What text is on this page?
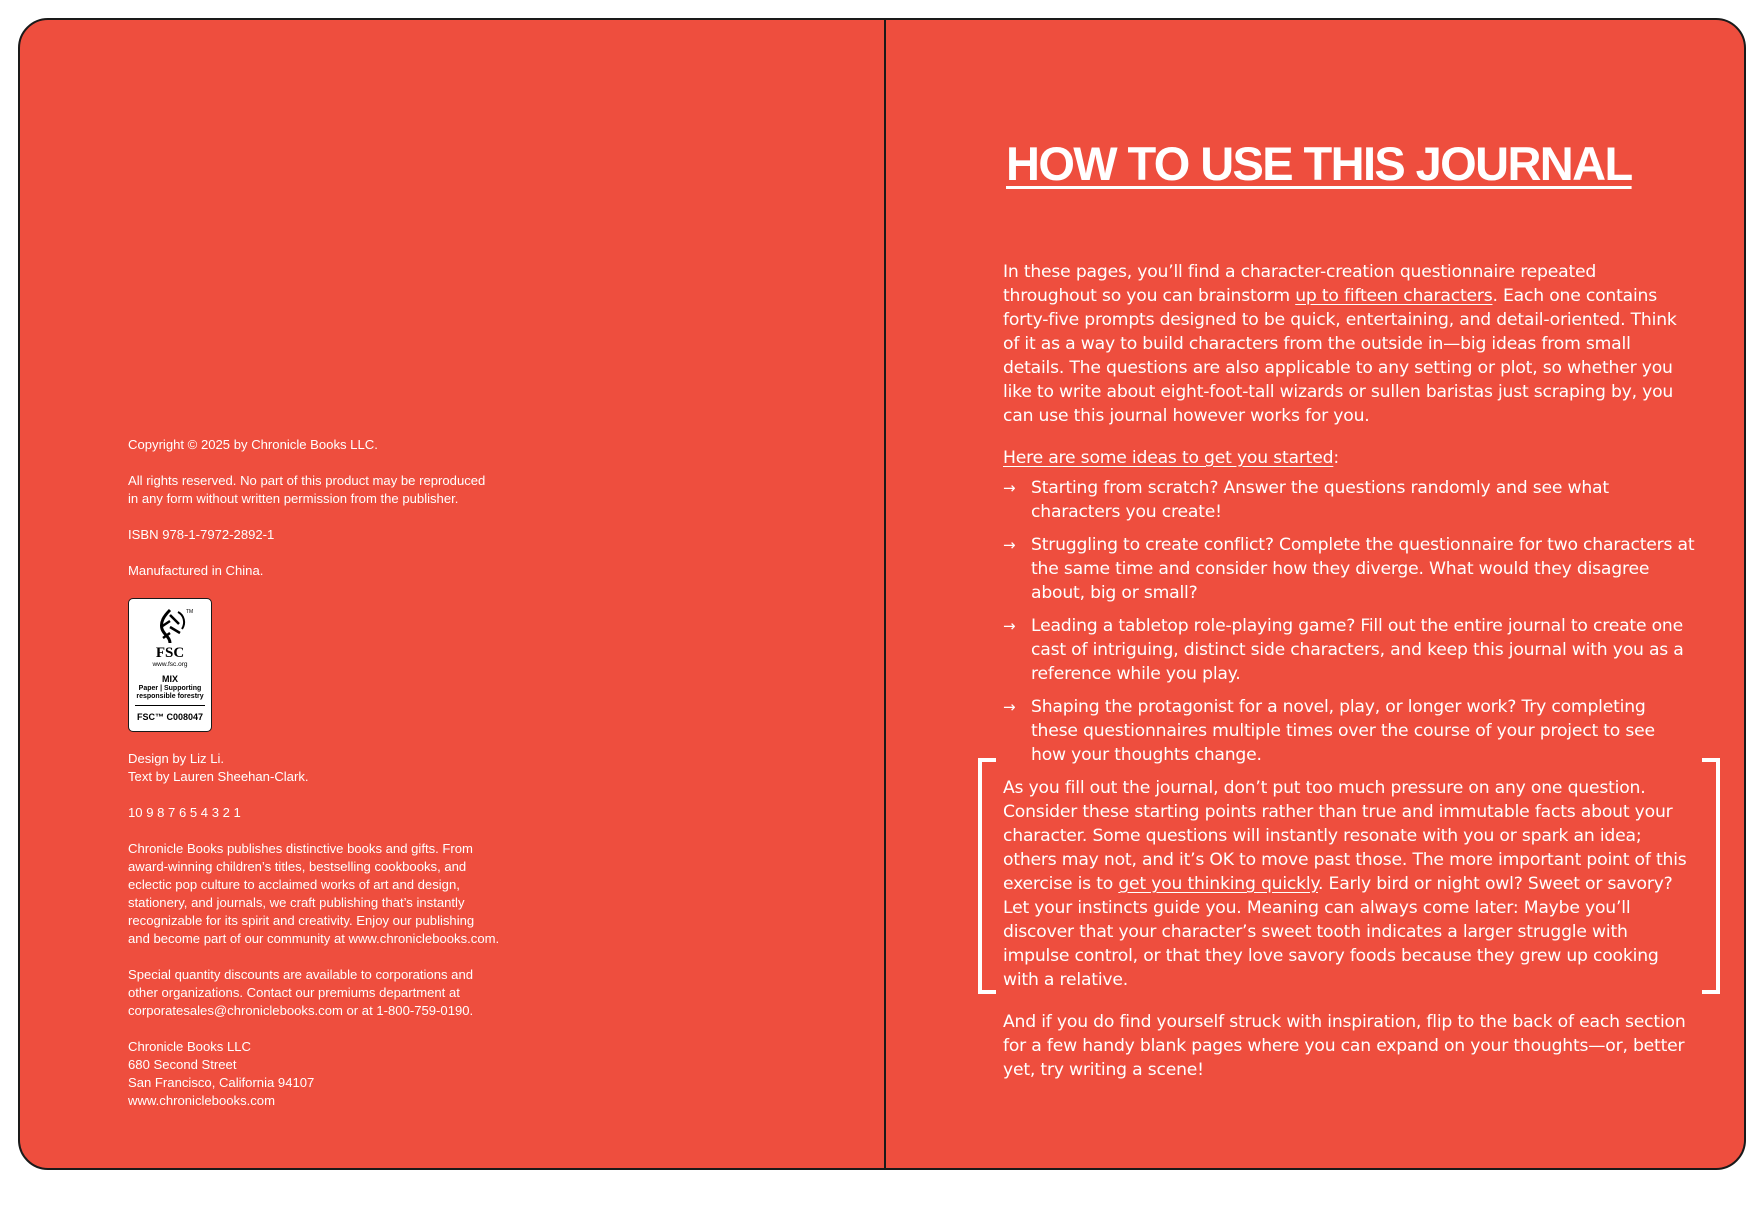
Copyright © 2025 by Chronicle Books LLC.

All rights reserved. No part of this product may be reproduced
in any form without written permission from the publisher.

ISBN 978-1-7972-2892-1

Manufactured in China.

TM
FSC
www.fsc.org
MIX
Paper | Supporting responsible forestry
FSC™ C008047

Design by Liz Li.
Text by Lauren Sheehan-Clark.

10 9 8 7 6 5 4 3 2 1

Chronicle Books publishes distinctive books and gifts. From
award-winning children’s titles, bestselling cookbooks, and
eclectic pop culture to acclaimed works of art and design,
stationery, and journals, we craft publishing that’s instantly
recognizable for its spirit and creativity. Enjoy our publishing
and become part of our community at www.chroniclebooks.com.

Special quantity discounts are available to corporations and
other organizations. Contact our premiums department at
corporatesales@chroniclebooks.com or at 1-800-759-0190.

Chronicle Books LLC
680 Second Street
San Francisco, California 94107
www.chroniclebooks.com

HOW TO USE THIS JOURNAL

In these pages, you’ll find a character-creation questionnaire repeated throughout so you can brainstorm up to fifteen characters. Each one contains forty-five prompts designed to be quick, entertaining, and detail-oriented. Think of it as a way to build characters from the outside in—big ideas from small details. The questions are also applicable to any setting or plot, so whether you like to write about eight-foot-tall wizards or sullen baristas just scraping by, you can use this journal however works for you.

Here are some ideas to get you started:

→ Starting from scratch? Answer the questions randomly and see what characters you create!
→ Struggling to create conflict? Complete the questionnaire for two characters at the same time and consider how they diverge. What would they disagree about, big or small?
→ Leading a tabletop role-playing game? Fill out the entire journal to create one cast of intriguing, distinct side characters, and keep this journal with you as a reference while you play.
→ Shaping the protagonist for a novel, play, or longer work? Try completing these questionnaires multiple times over the course of your project to see how your thoughts change.

As you fill out the journal, don’t put too much pressure on any one question. Consider these starting points rather than true and immutable facts about your character. Some questions will instantly resonate with you or spark an idea; others may not, and it’s OK to move past those. The more important point of this exercise is to get you thinking quickly. Early bird or night owl? Sweet or savory? Let your instincts guide you. Meaning can always come later: Maybe you’ll discover that your character’s sweet tooth indicates a larger struggle with impulse control, or that they love savory foods because they grew up cooking with a relative.

And if you do find yourself struck with inspiration, flip to the back of each section for a few handy blank pages where you can expand on your thoughts—or, better yet, try writing a scene!
